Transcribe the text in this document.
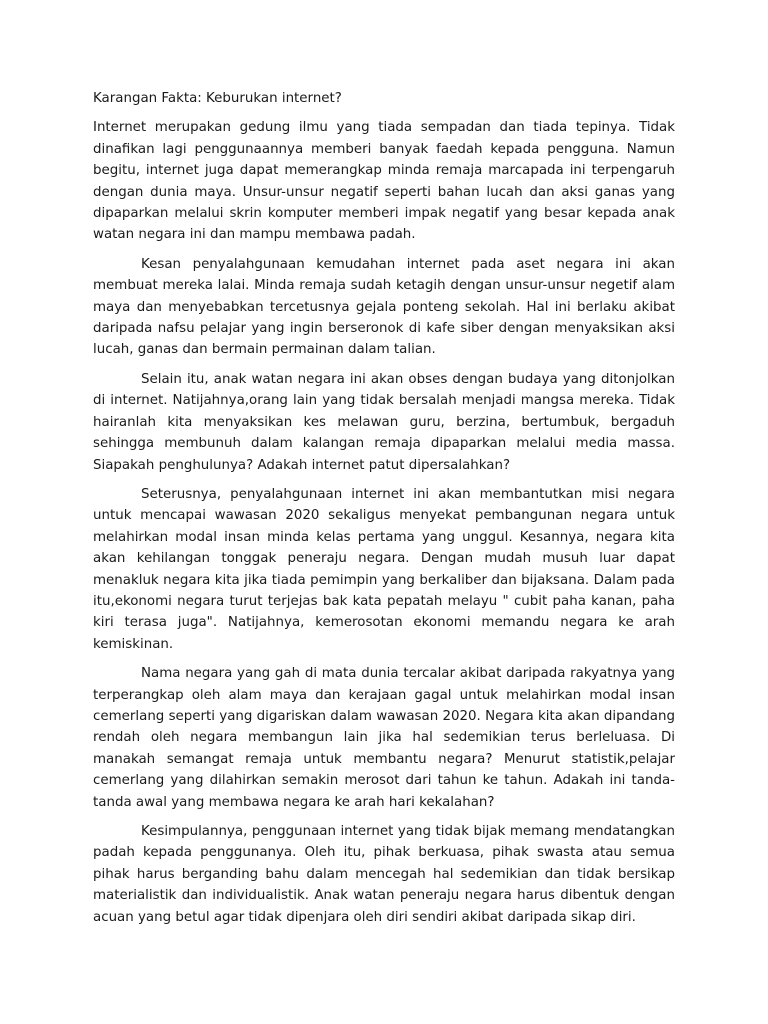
Karangan Fakta: Keburukan internet?

Internet merupakan gedung ilmu yang tiada sempadan dan tiada tepinya. Tidak dinafikan lagi penggunaannya memberi banyak faedah kepada pengguna. Namun begitu, internet juga dapat memerangkap minda remaja marcapada ini terpengaruh dengan dunia maya. Unsur-unsur negatif seperti bahan lucah dan aksi ganas yang dipaparkan melalui skrin komputer memberi impak negatif yang besar kepada anak watan negara ini dan mampu membawa padah.

Kesan penyalahgunaan kemudahan internet pada aset negara ini akan membuat mereka lalai. Minda remaja sudah ketagih dengan unsur-unsur negetif alam maya dan menyebabkan tercetusnya gejala ponteng sekolah. Hal ini berlaku akibat daripada nafsu pelajar yang ingin berseronok di kafe siber dengan menyaksikan aksi lucah, ganas dan bermain permainan dalam talian.

Selain itu, anak watan negara ini akan obses dengan budaya yang ditonjolkan di internet. Natijahnya,orang lain yang tidak bersalah menjadi mangsa mereka. Tidak hairanlah kita menyaksikan kes melawan guru, berzina, bertumbuk, bergaduh sehingga membunuh dalam kalangan remaja dipaparkan melalui media massa. Siapakah penghulunya? Adakah internet patut dipersalahkan?

Seterusnya, penyalahgunaan internet ini akan membantutkan misi negara untuk mencapai wawasan 2020 sekaligus menyekat pembangunan negara untuk melahirkan modal insan minda kelas pertama yang unggul. Kesannya, negara kita akan kehilangan tonggak peneraju negara. Dengan mudah musuh luar dapat menakluk negara kita jika tiada pemimpin yang berkaliber dan bijaksana. Dalam pada itu,ekonomi negara turut terjejas bak kata pepatah melayu " cubit paha kanan, paha kiri terasa juga". Natijahnya, kemerosotan ekonomi memandu negara ke arah kemiskinan.

Nama negara yang gah di mata dunia tercalar akibat daripada rakyatnya yang terperangkap oleh alam maya dan kerajaan gagal untuk melahirkan modal insan cemerlang seperti yang digariskan dalam wawasan 2020. Negara kita akan dipandang rendah oleh negara membangun lain jika hal sedemikian terus berleluasa. Di manakah semangat remaja untuk membantu negara? Menurut statistik,pelajar cemerlang yang dilahirkan semakin merosot dari tahun ke tahun. Adakah ini tanda-tanda awal yang membawa negara ke arah hari kekalahan?

Kesimpulannya, penggunaan internet yang tidak bijak memang mendatangkan padah kepada penggunanya. Oleh itu, pihak berkuasa, pihak swasta atau semua pihak harus berganding bahu dalam mencegah hal sedemikian dan tidak bersikap materialistik dan individualistik. Anak watan peneraju negara harus dibentuk dengan acuan yang betul agar tidak dipenjara oleh diri sendiri akibat daripada sikap diri.
